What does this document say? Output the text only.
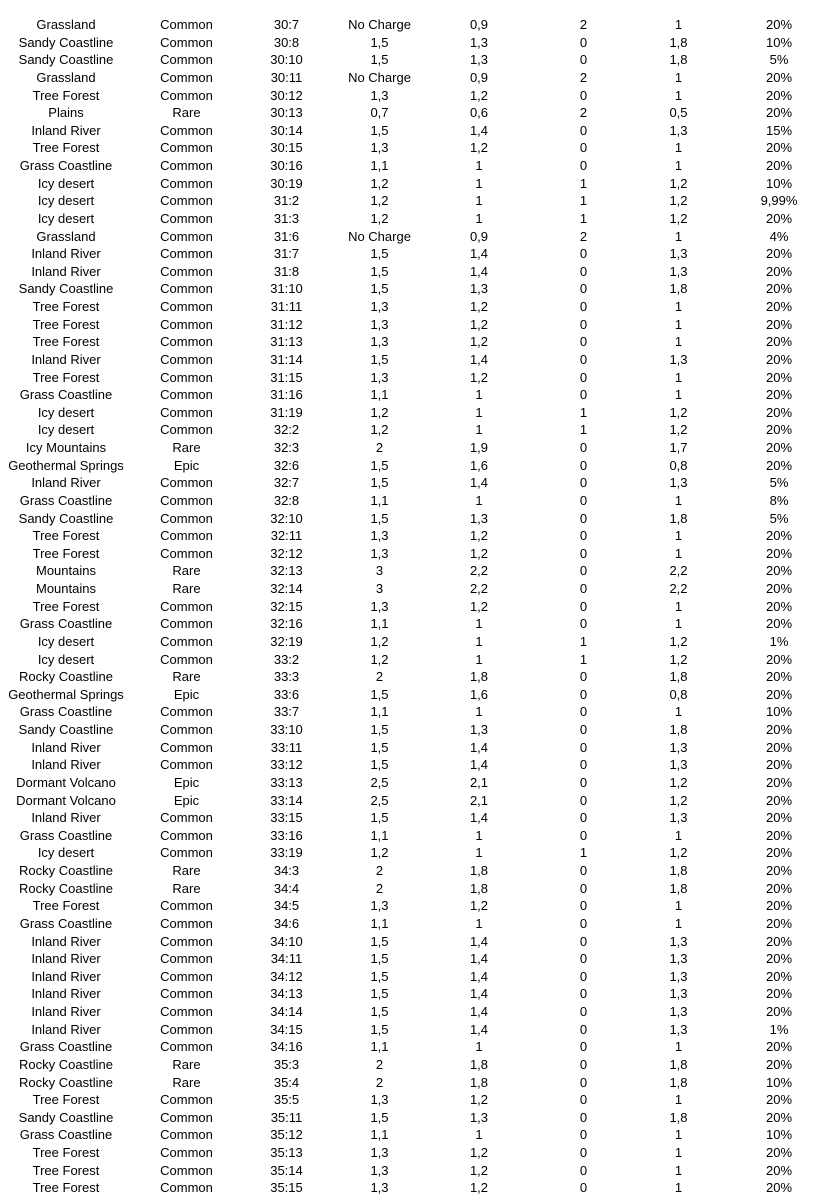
Grassland	Common	30:7	No Charge	0,9	2	1	20%
Sandy Coastline	Common	30:8	1,5	1,3	0	1,8	10%
Sandy Coastline	Common	30:10	1,5	1,3	0	1,8	5%
Grassland	Common	30:11	No Charge	0,9	2	1	20%
Tree Forest	Common	30:12	1,3	1,2	0	1	20%
Plains	Rare	30:13	0,7	0,6	2	0,5	20%
Inland River	Common	30:14	1,5	1,4	0	1,3	15%
Tree Forest	Common	30:15	1,3	1,2	0	1	20%
Grass Coastline	Common	30:16	1,1	1	0	1	20%
Icy desert	Common	30:19	1,2	1	1	1,2	10%
Icy desert	Common	31:2	1,2	1	1	1,2	9,99%
Icy desert	Common	31:3	1,2	1	1	1,2	20%
Grassland	Common	31:6	No Charge	0,9	2	1	4%
Inland River	Common	31:7	1,5	1,4	0	1,3	20%
Inland River	Common	31:8	1,5	1,4	0	1,3	20%
Sandy Coastline	Common	31:10	1,5	1,3	0	1,8	20%
Tree Forest	Common	31:11	1,3	1,2	0	1	20%
Tree Forest	Common	31:12	1,3	1,2	0	1	20%
Tree Forest	Common	31:13	1,3	1,2	0	1	20%
Inland River	Common	31:14	1,5	1,4	0	1,3	20%
Tree Forest	Common	31:15	1,3	1,2	0	1	20%
Grass Coastline	Common	31:16	1,1	1	0	1	20%
Icy desert	Common	31:19	1,2	1	1	1,2	20%
Icy desert	Common	32:2	1,2	1	1	1,2	20%
Icy Mountains	Rare	32:3	2	1,9	0	1,7	20%
Geothermal Springs	Epic	32:6	1,5	1,6	0	0,8	20%
Inland River	Common	32:7	1,5	1,4	0	1,3	5%
Grass Coastline	Common	32:8	1,1	1	0	1	8%
Sandy Coastline	Common	32:10	1,5	1,3	0	1,8	5%
Tree Forest	Common	32:11	1,3	1,2	0	1	20%
Tree Forest	Common	32:12	1,3	1,2	0	1	20%
Mountains	Rare	32:13	3	2,2	0	2,2	20%
Mountains	Rare	32:14	3	2,2	0	2,2	20%
Tree Forest	Common	32:15	1,3	1,2	0	1	20%
Grass Coastline	Common	32:16	1,1	1	0	1	20%
Icy desert	Common	32:19	1,2	1	1	1,2	1%
Icy desert	Common	33:2	1,2	1	1	1,2	20%
Rocky Coastline	Rare	33:3	2	1,8	0	1,8	20%
Geothermal Springs	Epic	33:6	1,5	1,6	0	0,8	20%
Grass Coastline	Common	33:7	1,1	1	0	1	10%
Sandy Coastline	Common	33:10	1,5	1,3	0	1,8	20%
Inland River	Common	33:11	1,5	1,4	0	1,3	20%
Inland River	Common	33:12	1,5	1,4	0	1,3	20%
Dormant Volcano	Epic	33:13	2,5	2,1	0	1,2	20%
Dormant Volcano	Epic	33:14	2,5	2,1	0	1,2	20%
Inland River	Common	33:15	1,5	1,4	0	1,3	20%
Grass Coastline	Common	33:16	1,1	1	0	1	20%
Icy desert	Common	33:19	1,2	1	1	1,2	20%
Rocky Coastline	Rare	34:3	2	1,8	0	1,8	20%
Rocky Coastline	Rare	34:4	2	1,8	0	1,8	20%
Tree Forest	Common	34:5	1,3	1,2	0	1	20%
Grass Coastline	Common	34:6	1,1	1	0	1	20%
Inland River	Common	34:10	1,5	1,4	0	1,3	20%
Inland River	Common	34:11	1,5	1,4	0	1,3	20%
Inland River	Common	34:12	1,5	1,4	0	1,3	20%
Inland River	Common	34:13	1,5	1,4	0	1,3	20%
Inland River	Common	34:14	1,5	1,4	0	1,3	20%
Inland River	Common	34:15	1,5	1,4	0	1,3	1%
Grass Coastline	Common	34:16	1,1	1	0	1	20%
Rocky Coastline	Rare	35:3	2	1,8	0	1,8	20%
Rocky Coastline	Rare	35:4	2	1,8	0	1,8	10%
Tree Forest	Common	35:5	1,3	1,2	0	1	20%
Sandy Coastline	Common	35:11	1,5	1,3	0	1,8	20%
Grass Coastline	Common	35:12	1,1	1	0	1	10%
Tree Forest	Common	35:13	1,3	1,2	0	1	20%
Tree Forest	Common	35:14	1,3	1,2	0	1	20%
Tree Forest	Common	35:15	1,3	1,2	0	1	20%
